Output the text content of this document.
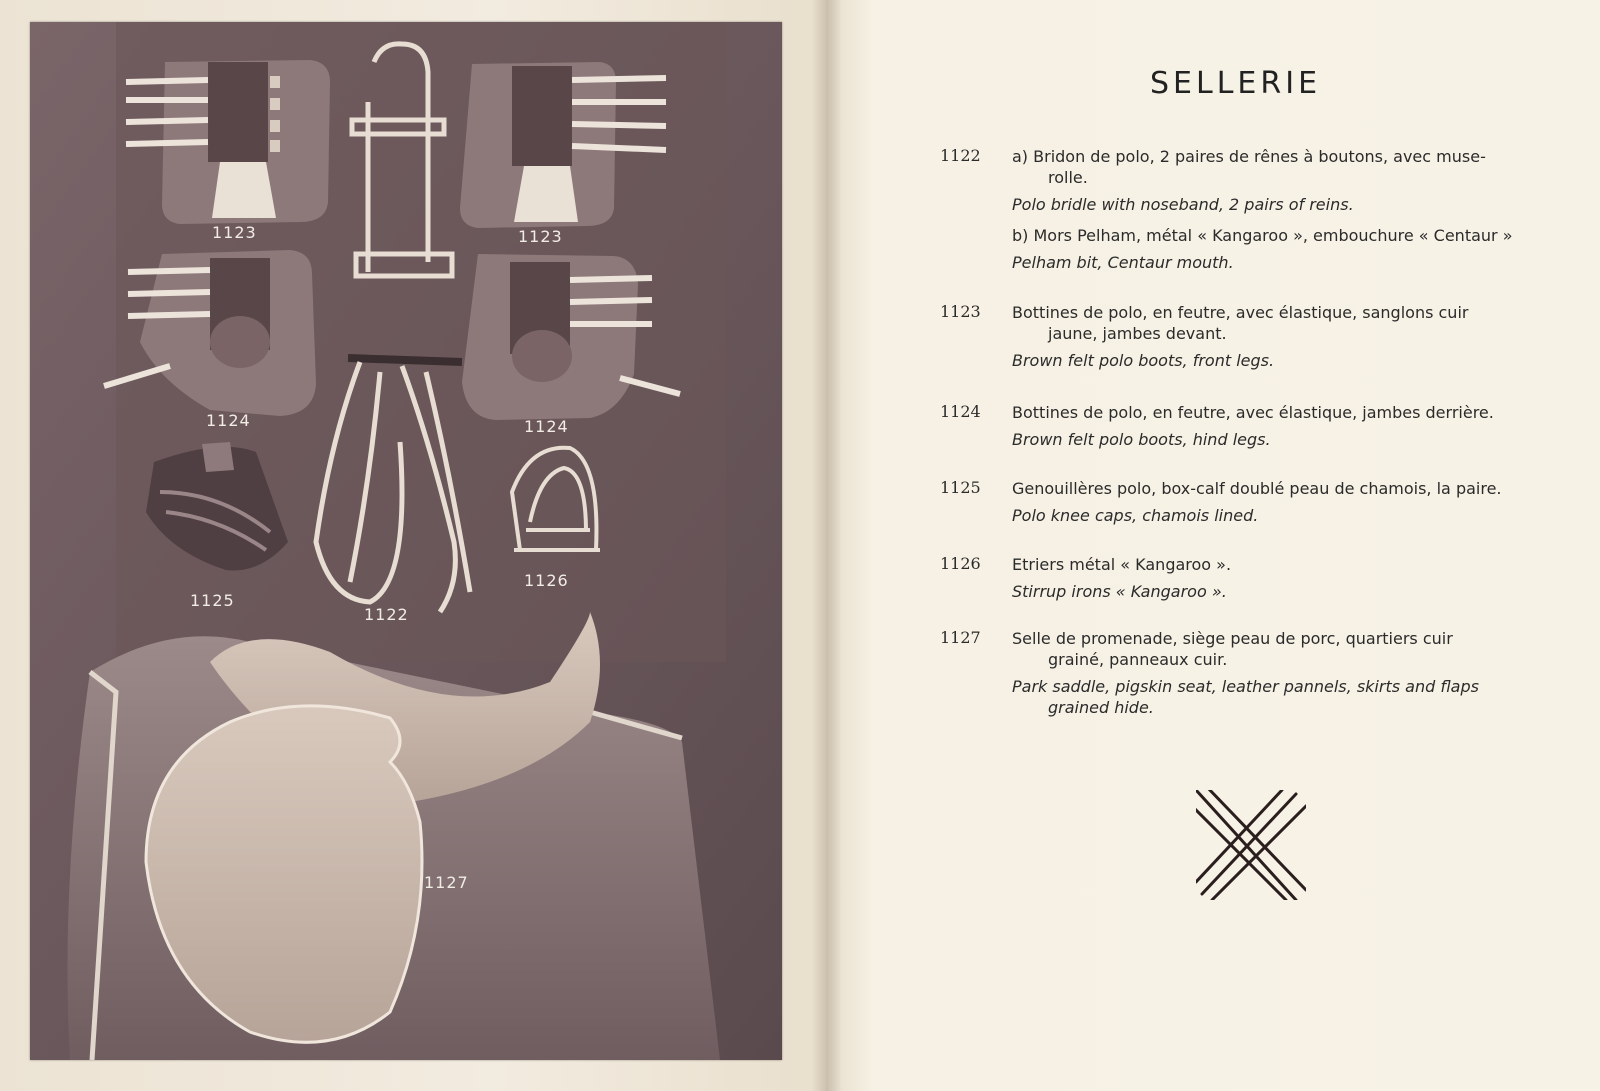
1123	1123
1122
1124	1124
1125
1126
1127
SELLERIE
1122 a) Bridon de polo, 2 paires de rênes à boutons, avec muse-
rolle.

Polo bridle with noseband, 2 pairs of reins.

b) Mors Pelham, métal « Kangaroo », embouchure « Centaur »

Pelham bit, Centaur mouth.

1123 Bottines de polo, en feutre, avec élastique, sanglons cuir
jaune, jambes devant.

Brown felt polo boots, front legs.

1124 Bottines de polo, en feutre, avec élastique, jambes derrière.

Brown felt polo boots, hind legs.

1125 Genouillères polo, box-calf doublé peau de chamois, la paire.

Polo knee caps, chamois lined.

1126 Etriers métal « Kangaroo ».

Stirrup irons « Kangaroo ».

1127 Selle de promenade, siège peau de porc, quartiers cuir
grainé, panneaux cuir.

Park saddle, pigskin seat, leather pannels, skirts and flaps
grained hide.
